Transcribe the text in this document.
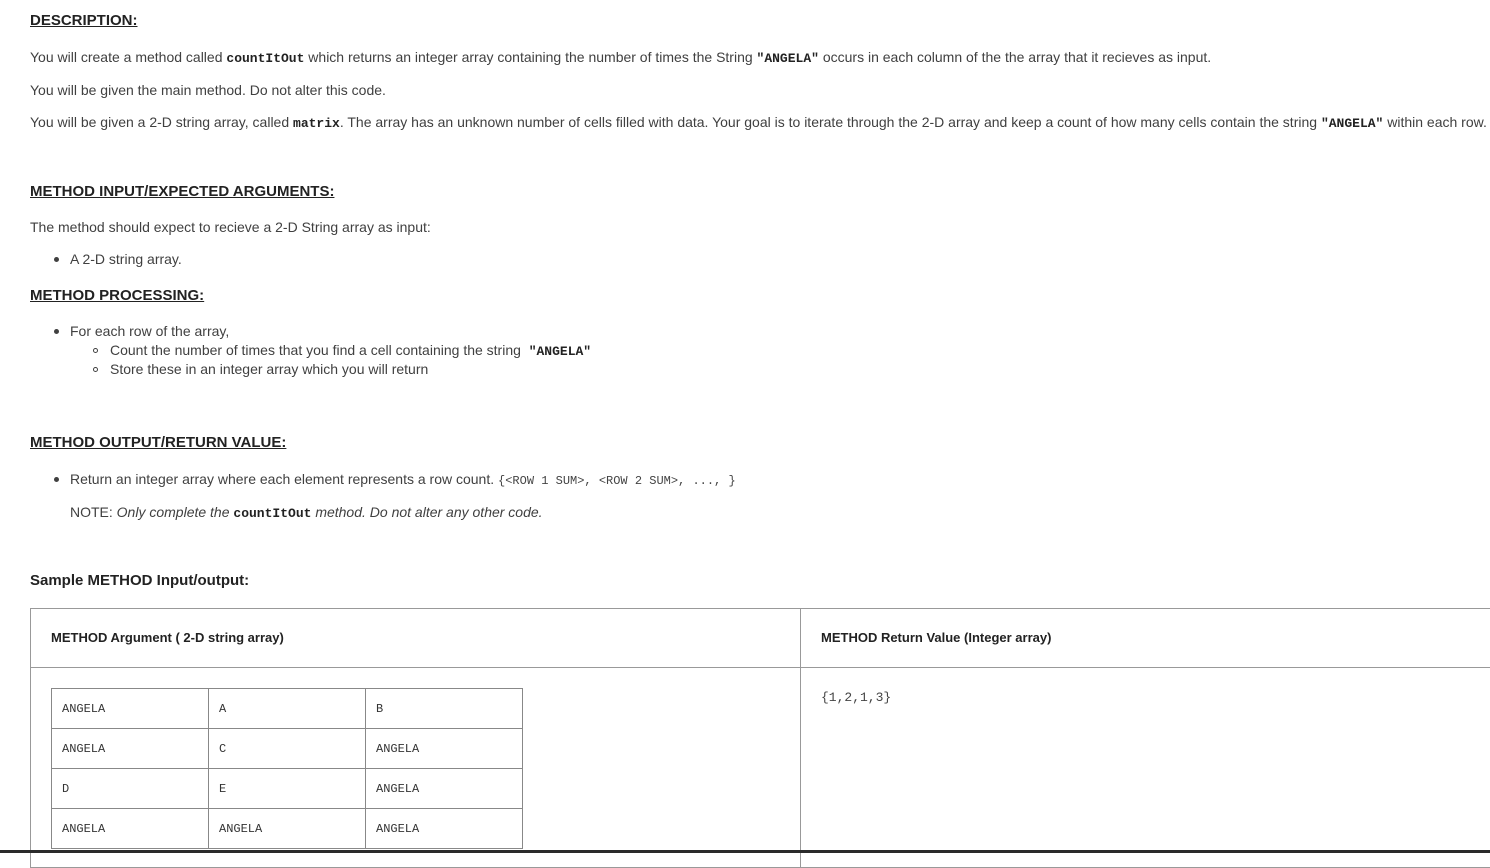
DESCRIPTION:
You will create a method called countItOut which returns an integer array containing the number of times the String "ANGELA" occurs in each column of the the array that it recieves as input.
You will be given the main method. Do not alter this code.
You will be given a 2-D string array, called matrix. The array has an unknown number of cells filled with data. Your goal is to iterate through the 2-D array and keep a count of how many cells contain the string "ANGELA" within each row.
METHOD INPUT/EXPECTED ARGUMENTS:
The method should expect to recieve a 2-D String array as input:
A 2-D string array.
METHOD PROCESSING:
For each row of the array,
Count the number of times that you find a cell containing the string "ANGELA"
Store these in an integer array which you will return
METHOD OUTPUT/RETURN VALUE:
Return an integer array where each element represents a row count. {<ROW 1 SUM>, <ROW 2 SUM>, ..., }
NOTE: Only complete the countItOut method. Do not alter any other code.
Sample METHOD Input/output:
METHOD Argument ( 2-D string array)	METHOD Return Value (Integer array)
ANGELA	A	B
ANGELA	C	ANGELA
D	E	ANGELA
ANGELA	ANGELA	ANGELA
{1,2,1,3}
